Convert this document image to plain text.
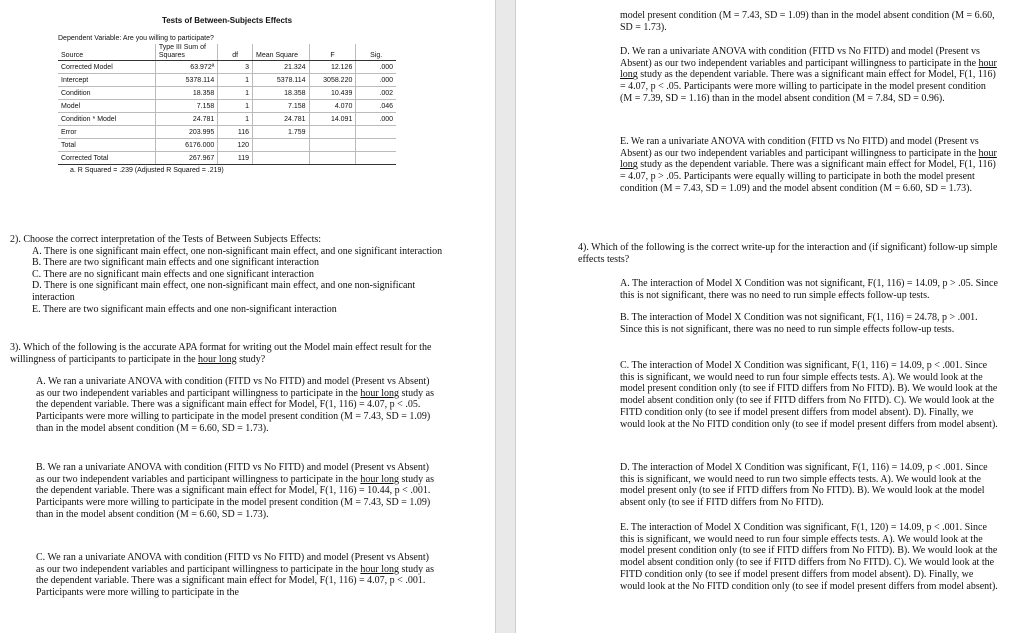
Tests of Between-Subjects Effects
Dependent Variable: Are you willing to participate?
Source	Type III Sum of Squares	df	Mean Square	F	Sig.
Corrected Model	63.972ª	3	21.324	12.126	.000
Intercept	5378.114	1	5378.114	3058.220	.000
Condition	18.358	1	18.358	10.439	.002
Model	7.158	1	7.158	4.070	.046
Condition * Model	24.781	1	24.781	14.091	.000
Error	203.995	116	1.759		
Total	6176.000	120			
Corrected Total	267.967	119			
a. R Squared = .239 (Adjusted R Squared = .219)
2). Choose the correct interpretation of the Tests of Between Subjects Effects:
A. There is one significant main effect, one non-significant main effect, and one significant interaction
B. There are two significant main effects and one significant interaction
C. There are no significant main effects and one significant interaction
D. There is one significant main effect, one non-significant main effect, and one non-significant interaction
E. There are two significant main effects and one non-significant interaction
3). Which of the following is the accurate APA format for writing out the Model main effect result for the willingness of participants to participate in the hour long study?
A. We ran a univariate ANOVA with condition (FITD vs No FITD) and model (Present vs Absent) as our two independent variables and participant willingness to participate in the hour long study as the dependent variable. There was a significant main effect for Model, F(1, 116) = 4.07, p < .05. Participants were more willing to participate in the model present condition (M = 7.43, SD = 1.09) than in the model absent condition (M = 6.60, SD = 1.73).
B. We ran a univariate ANOVA with condition (FITD vs No FITD) and model (Present vs Absent) as our two independent variables and participant willingness to participate in the hour long study as the dependent variable. There was a significant main effect for Model, F(1, 116) = 10.44, p < .001. Participants were more willing to participate in the model present condition (M = 7.43, SD = 1.09) than in the model absent condition (M = 6.60, SD = 1.73).
C. We ran a univariate ANOVA with condition (FITD vs No FITD) and model (Present vs Absent) as our two independent variables and participant willingness to participate in the hour long study as the dependent variable. There was a significant main effect for Model, F(1, 116) = 4.07, p < .001. Participants were more willing to participate in the
model present condition (M = 7.43, SD = 1.09) than in the model absent condition (M = 6.60, SD = 1.73).
D. We ran a univariate ANOVA with condition (FITD vs No FITD) and model (Present vs Absent) as our two independent variables and participant willingness to participate in the hour long study as the dependent variable. There was a significant main effect for Model, F(1, 116) = 4.07, p < .05. Participants were more willing to participate in the model present condition (M = 7.39, SD = 1.16) than in the model absent condition (M = 7.84, SD = 0.96).
E. We ran a univariate ANOVA with condition (FITD vs No FITD) and model (Present vs Absent) as our two independent variables and participant willingness to participate in the hour long study as the dependent variable. There was a significant main effect for Model, F(1, 116) = 4.07, p > .05. Participants were equally willing to participate in both the model present condition (M = 7.43, SD = 1.09) and the model absent condition (M = 6.60, SD = 1.73).
4). Which of the following is the correct write-up for the interaction and (if significant) follow-up simple effects tests?
A. The interaction of Model X Condition was not significant, F(1, 116) = 14.09, p > .05. Since this is not significant, there was no need to run simple effects follow-up tests.
B. The interaction of Model X Condition was not significant, F(1, 116) = 24.78, p > .001. Since this is not significant, there was no need to run simple effects follow-up tests.
C. The interaction of Model X Condition was significant, F(1, 116) = 14.09, p < .001. Since this is significant, we would need to run four simple effects tests. A). We would look at the model present condition only (to see if FITD differs from No FITD). B). We would look at the model absent condition only (to see if FITD differs from No FITD). C). We would look at the FITD condition only (to see if model present differs from model absent). D). Finally, we would look at the No FITD condition only (to see if model present differs from model absent).
D. The interaction of Model X Condition was significant, F(1, 116) = 14.09, p < .001. Since this is significant, we would need to run two simple effects tests. A). We would look at the model present only (to see if FITD differs from No FITD). B). We would look at the model absent only (to see if FITD differs from No FITD).
E. The interaction of Model X Condition was significant, F(1, 120) = 14.09, p < .001. Since this is significant, we would need to run four simple effects tests. A). We would look at the model present condition only (to see if FITD differs from No FITD). B). We would look at the model absent condition only (to see if FITD differs from No FITD). C). We would look at the FITD condition only (to see if model present differs from model absent). D). Finally, we would look at the No FITD condition only (to see if model present differs from model absent).
